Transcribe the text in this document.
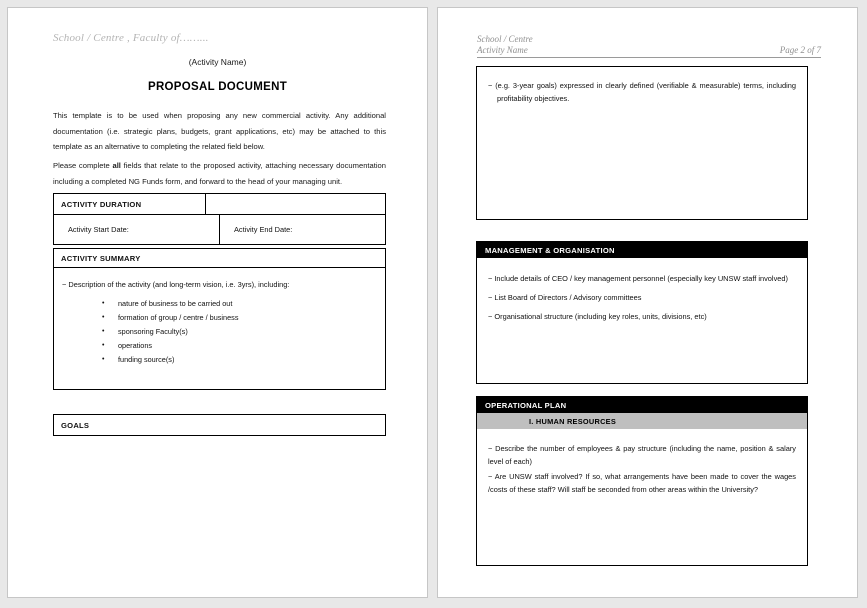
School / Centre , Faculty of……...
(Activity Name)
PROPOSAL DOCUMENT
This template is to be used when proposing any new commercial activity. Any additional documentation (i.e. strategic plans, budgets, grant applications, etc) may be attached to this template as an alternative to completing the related field below.
Please complete all fields that relate to the proposed activity, attaching necessary documentation including a completed NG Funds form, and forward to the head of your managing unit.
ACTIVITY DURATION
Activity Start Date:	Activity End Date:
ACTIVITY SUMMARY

− Description of the activity (and long-term vision, i.e. 3yrs), including:

• nature of business to be carried out
• formation of group / centre / business
• sponsoring Faculty(s)
• operations
• funding source(s)
GOALS
School / Centre
Activity Name	Page 2 of 7

− (e.g. 3-year goals) expressed in clearly defined (verifiable & measurable) terms, including profitability objectives.

MANAGEMENT & ORGANISATION

− Include details of CEO / key management personnel (especially key UNSW staff involved)

− List Board of Directors / Advisory committees

− Organisational structure (including key roles, units, divisions, etc)

OPERATIONAL PLAN
I. HUMAN RESOURCES

− Describe the number of employees & pay structure (including the name, position & salary level of each)

− Are UNSW staff involved? If so, what arrangements have been made to cover the wages /costs of these staff? Will staff be seconded from other areas within the University?
